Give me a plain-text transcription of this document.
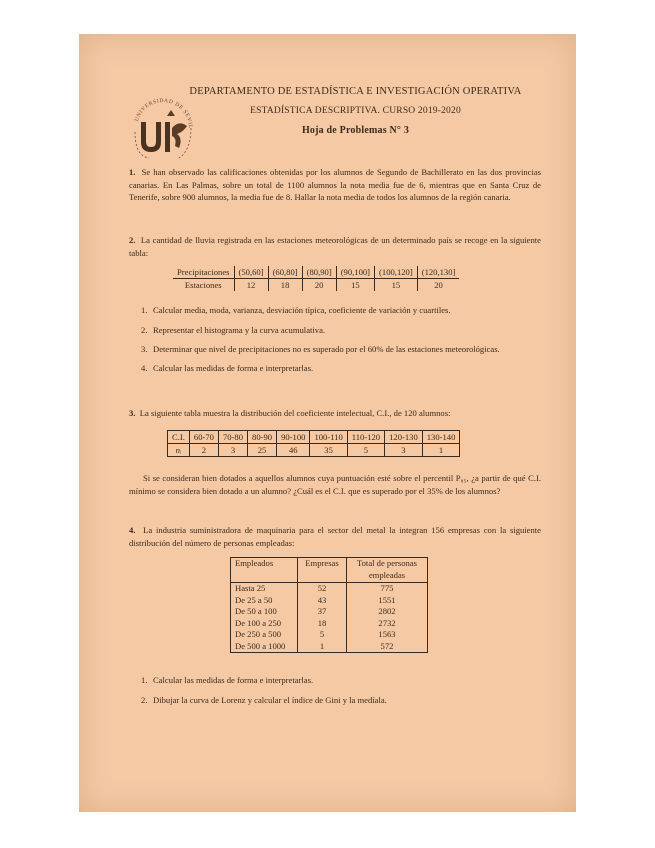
UNIVERSIDAD DE SEVIL
DEPARTAMENTO DE ESTADÍSTICA E INVESTIGACIÓN OPERATIVA
ESTADÍSTICA DESCRIPTIVA. CURSO 2019-2020
Hoja de Problemas N° 3
1. Se han observado las calificaciones obtenidas por los alumnos de Segundo de Bachillerato en las dos provincias canarias. En Las Palmas, sobre un total de 1100 alumnos la nota media fue de 6, mientras que en Santa Cruz de Tenerife, sobre 900 alumnos, la media fue de 8. Hallar la nota media de todos los alumnos de la región canaria.
2. La cantidad de lluvia registrada en las estaciones meteorológicas de un determinado país se recoge en la siguiente tabla:
Precipitaciones	(50,60]	(60,80]	(80,90]	(90,100]	(100,120]	(120,130]
Estaciones	12	18	20	15	15	20
1. Calcular media, moda, varianza, desviación típica, coeficiente de variación y cuartiles.
2. Representar el histograma y la curva acumulativa.
3. Determinar que nivel de precipitaciones no es superado por el 60% de las estaciones meteorológicas.
4. Calcular las medidas de forma e interpretarlas.
3. La siguiente tabla muestra la distribución del coeficiente intelectual, C.I., de 120 alumnos:
C.I.	60-70	70-80	80-90	90-100	100-110	110-120	120-130	130-140
nᵢ	2	3	25	46	35	5	3	1
Si se consideran bien dotados a aquellos alumnos cuya puntuación esté sobre el percentil P₈₅, ¿a partir de qué C.I. mínimo se considera bien dotado a un alumno? ¿Cuál es el C.I. que es superado por el 35% de los alumnos?
4. La industria suministradora de maquinaria para el sector del metal la integran 156 empresas con la siguiente distribución del número de personas empleadas:
Empleados	Empresas	Total de personas empleadas
Hasta 25	52	775
De 25 a 50	43	1551
De 50 a 100	37	2802
De 100 a 250	18	2732
De 250 a 500	5	1563
De 500 a 1000	1	572
1. Calcular las medidas de forma e interpretarlas.
2. Dibujar la curva de Lorenz y calcular el índice de Gini y la medíala.
